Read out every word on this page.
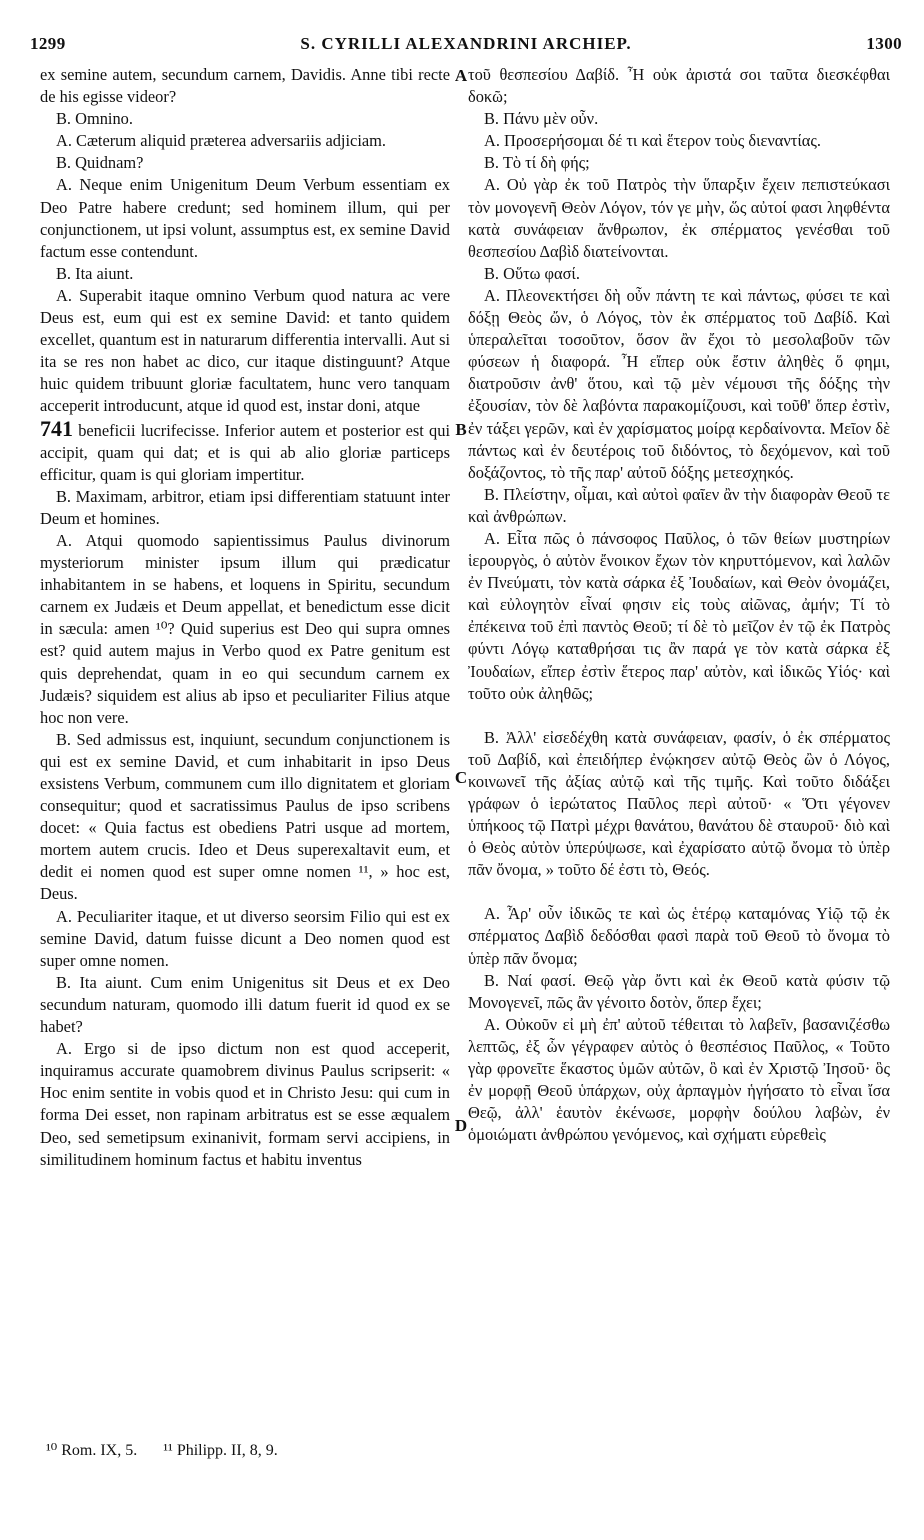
1299	S. CYRILLI ALEXANDRINI ARCHIEP.	1300

ex semine autem, secundum carnem, Davidis. Anne tibi recte de his egisse videor?

B. Omnino.

A. Cæterum aliquid præterea adversariis adjiciam.

B. Quidnam?

A. Neque enim Unigenitum Deum Verbum essentiam ex Deo Patre habere credunt; sed hominem illum, qui per conjunctionem, ut ipsi volunt, assumptus est, ex semine David factum esse contendunt.

B. Ita aiunt.

A. Superabit itaque omnino Verbum quod natura ac vere Deus est, eum qui est ex semine David: et tanto quidem excellet, quantum est in naturarum differentia intervalli. Aut si ita se res non habet ac dico, cur itaque distinguunt? Atque huic quidem tribuunt gloriæ facultatem, hunc vero tanquam acceperit introducunt, atque id quod est, instar doni, atque

741 beneficii lucrifecisse. Inferior autem et posterior est qui accipit, quam qui dat; et is qui ab alio gloriæ particeps efficitur, quam is qui gloriam impertitur.

B. Maximam, arbitror, etiam ipsi differentiam statuunt inter Deum et homines.

A. Atqui quomodo sapientissimus Paulus divinorum mysteriorum minister ipsum illum qui prædicatur inhabitantem in se habens, et loquens in Spiritu, secundum carnem ex Judæis et Deum appellat, et benedictum esse dicit in sæcula: amen ¹⁰? Quid superius est Deo qui supra omnes est? quid autem majus in Verbo quod ex Patre genitum est quis deprehendat, quam in eo qui secundum carnem ex Judæis? siquidem est alius ab ipso et peculiariter Filius atque hoc non vere.

B. Sed admissus est, inquiunt, secundum conjunctionem is qui est ex semine David, et cum inhabitarit in ipso Deus exsistens Verbum, communem cum illo dignitatem et gloriam consequitur; quod et sacratissimus Paulus de ipso scribens docet: « Quia factus est obediens Patri usque ad mortem, mortem autem crucis. Ideo et Deus superexaltavit eum, et dedit ei nomen quod est super omne nomen ¹¹, » hoc est, Deus.

A. Peculiariter itaque, et ut diverso seorsim Filio qui est ex semine David, datum fuisse dicunt a Deo nomen quod est super omne nomen.

B. Ita aiunt. Cum enim Unigenitus sit Deus et ex Deo secundum naturam, quomodo illi datum fuerit id quod ex se habet?

A. Ergo si de ipso dictum non est quod acceperit, inquiramus accurate quamobrem divinus Paulus scripserit: « Hoc enim sentite in vobis quod et in Christo Jesu: qui cum in forma Dei esset, non rapinam arbitratus est se esse æqualem Deo, sed semetipsum exinanivit, formam servi accipiens, in similitudinem hominum factus et habitu inventus

τοῦ θεσπεσίου Δαβίδ. Ἦ οὐκ ἀριστά σοι ταῦτα διεσκέφθαι δοκῶ;

Β. Πάνυ μὲν οὖν.

Α. Προσερήσομαι δέ τι καὶ ἕτερον τοὺς διεναντίας.

Β. Τὸ τί δὴ φής;

Α. Οὐ γὰρ ἐκ τοῦ Πατρὸς τὴν ὕπαρξιν ἔχειν πεπιστεύκασι τὸν μονογενῆ Θεὸν Λόγον, τόν γε μὴν, ὥς αὐτοί φασι ληφθέντα κατὰ συνάφειαν ἄνθρωπον, ἐκ σπέρματος γενέσθαι τοῦ θεσπεσίου Δαβὶδ διατείνονται.

Β. Οὕτω φασί.

Α. Πλεονεκτήσει δὴ οὖν πάντη τε καὶ πάντως, φύσει τε καὶ δόξῃ Θεὸς ὤν, ὁ Λόγος, τὸν ἐκ σπέρματος τοῦ Δαβίδ. Καὶ ὑπεραλεῖται τοσοῦτον, ὅσον ἂν ἔχοι τὸ μεσολαβοῦν τῶν φύσεων ἡ διαφορά. Ἦ εἴπερ οὐκ ἔστιν ἀληθὲς ὅ φημι, διατροῦσιν ἀνθ' ὅτου, καὶ τῷ μὲν νέμουσι τῆς δόξης τὴν ἐξουσίαν, τὸν δὲ λαβόντα παρακομίζουσι, καὶ τοῦθ' ὅπερ ἐστὶν, ἐν τάξει γερῶν, καὶ ἐν χαρίσματος μοίρᾳ κερδαίνοντα. Μεῖον δὲ πάντως καὶ ἐν δευτέροις τοῦ διδόντος, τὸ δεχόμενον, καὶ τοῦ δοξάζοντος, τὸ τῆς παρ' αὐτοῦ δόξης μετεσχηκός.

Β. Πλείστην, οἶμαι, καὶ αὐτοὶ φαῖεν ἂν τὴν διαφορὰν Θεοῦ τε καὶ ἀνθρώπων.

Α. Εἶτα πῶς ὁ πάνσοφος Παῦλος, ὁ τῶν θείων μυστηρίων ἱερουργὸς, ὁ αὐτὸν ἔνοικον ἔχων τὸν κηρυττόμενον, καὶ λαλῶν ἐν Πνεύματι, τὸν κατὰ σάρκα ἐξ Ἰουδαίων, καὶ Θεὸν ὀνομάζει, καὶ εὐλογητὸν εἶναί φησιν εἰς τοὺς αἰῶνας, ἀμήν; Τί τὸ ἐπέκεινα τοῦ ἐπὶ παντὸς Θεοῦ; τί δὲ τὸ μεῖζον ἐν τῷ ἐκ Πατρὸς φύντι Λόγῳ καταθρήσαι τις ἂν παρά γε τὸν κατὰ σάρκα ἐξ Ἰουδαίων, εἴπερ ἐστὶν ἕτερος παρ' αὐτὸν, καὶ ἰδικῶς Υἱός· καὶ τοῦτο οὐκ ἀληθῶς;

Β. Ἀλλ' εἰσεδέχθη κατὰ συνάφειαν, φασίν, ὁ ἐκ σπέρματος τοῦ Δαβίδ, καὶ ἐπειδήπερ ἐνῴκησεν αὐτῷ Θεὸς ὢν ὁ Λόγος, κοινωνεῖ τῆς ἀξίας αὐτῷ καὶ τῆς τιμῆς. Καὶ τοῦτο διδάξει γράφων ὁ ἱερώτατος Παῦλος περὶ αὐτοῦ· « Ὅτι γέγονεν ὑπήκοος τῷ Πατρὶ μέχρι θανάτου, θανάτου δὲ σταυροῦ· διὸ καὶ ὁ Θεὸς αὐτὸν ὑπερύψωσε, καὶ ἐχαρίσατο αὐτῷ ὄνομα τὸ ὑπὲρ πᾶν ὄνομα, » τοῦτο δέ ἐστι τὸ, Θεός.

Α. Ἆρ' οὖν ἰδικῶς τε καὶ ὡς ἑτέρῳ καταμόνας Υἱῷ τῷ ἐκ σπέρματος Δαβὶδ δεδόσθαι φασὶ παρὰ τοῦ Θεοῦ τὸ ὄνομα τὸ ὑπὲρ πᾶν ὄνομα;

Β. Ναί φασί. Θεῷ γὰρ ὄντι καὶ ἐκ Θεοῦ κατὰ φύσιν τῷ Μονογενεῖ, πῶς ἂν γένοιτο δοτὸν, ὅπερ ἔχει;

Α. Οὐκοῦν εἰ μὴ ἐπ' αὐτοῦ τέθειται τὸ λαβεῖν, βασανιζέσθω λεπτῶς, ἐξ ὧν γέγραφεν αὐτὸς ὁ θεσπέσιος Παῦλος, « Τοῦτο γὰρ φρονεῖτε ἕκαστος ὑμῶν αὐτῶν, ὃ καὶ ἐν Χριστῷ Ἰησοῦ· ὃς ἐν μορφῇ Θεοῦ ὑπάρχων, οὐχ ἁρπαγμὸν ἡγήσατο τὸ εἶναι ἴσα Θεῷ, ἀλλ' ἑαυτὸν ἐκένωσε, μορφὴν δούλου λαβὼν, ἐν ὁμοιώματι ἀνθρώπου γενόμενος, καὶ σχήματι εὑρεθεὶς

A
B
C
D
¹⁰ Rom. IX, 5. ¹¹ Philipp. II, 8, 9.
